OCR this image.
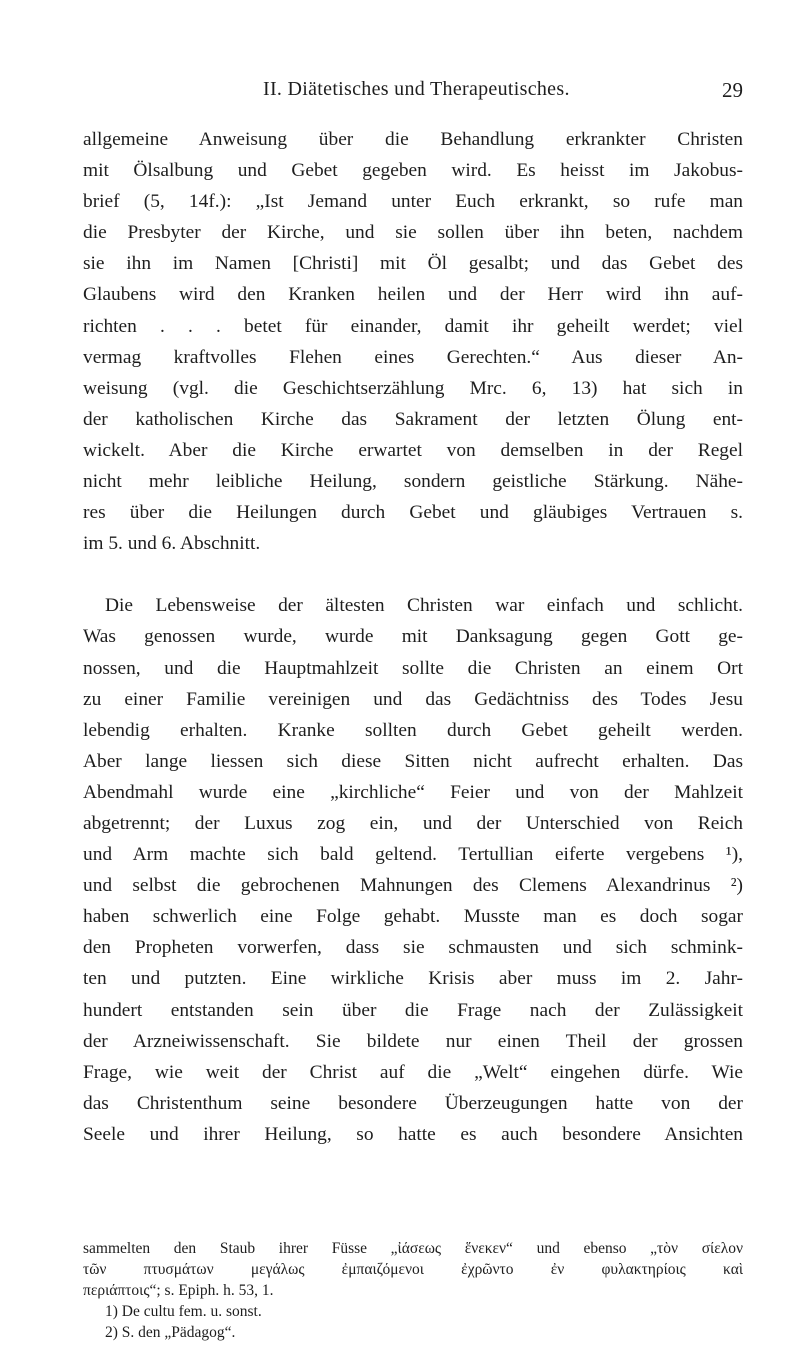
II. Diätetisches und Therapeutisches.	29
allgemeine Anweisung über die Behandlung erkrankter Christen
mit Ölsalbung und Gebet gegeben wird. Es heisst im Jakobus-
brief (5, 14f.): „Ist Jemand unter Euch erkrankt, so rufe man
die Presbyter der Kirche, und sie sollen über ihn beten, nachdem
sie ihn im Namen [Christi] mit Öl gesalbt; und das Gebet des
Glaubens wird den Kranken heilen und der Herr wird ihn auf-
richten . . . betet für einander, damit ihr geheilt werdet; viel
vermag kraftvolles Flehen eines Gerechten.“ Aus dieser An-
weisung (vgl. die Geschichtserzählung Mrc. 6, 13) hat sich in
der katholischen Kirche das Sakrament der letzten Ölung ent-
wickelt. Aber die Kirche erwartet von demselben in der Regel
nicht mehr leibliche Heilung, sondern geistliche Stärkung. Nähe-
res über die Heilungen durch Gebet und gläubiges Vertrauen s.
im 5. und 6. Abschnitt.
Die Lebensweise der ältesten Christen war einfach und schlicht.
Was genossen wurde, wurde mit Danksagung gegen Gott ge-
nossen, und die Hauptmahlzeit sollte die Christen an einem Ort
zu einer Familie vereinigen und das Gedächtniss des Todes Jesu
lebendig erhalten. Kranke sollten durch Gebet geheilt werden.
Aber lange liessen sich diese Sitten nicht aufrecht erhalten. Das
Abendmahl wurde eine „kirchliche“ Feier und von der Mahlzeit
abgetrennt; der Luxus zog ein, und der Unterschied von Reich
und Arm machte sich bald geltend. Tertullian eiferte vergebens ¹),
und selbst die gebrochenen Mahnungen des Clemens Alexandrinus ²)
haben schwerlich eine Folge gehabt. Musste man es doch sogar
den Propheten vorwerfen, dass sie schmausten und sich schmink-
ten und putzten. Eine wirkliche Krisis aber muss im 2. Jahr-
hundert entstanden sein über die Frage nach der Zulässigkeit
der Arzneiwissenschaft. Sie bildete nur einen Theil der grossen
Frage, wie weit der Christ auf die „Welt“ eingehen dürfe. Wie
das Christenthum seine besondere Überzeugungen hatte von der
Seele und ihrer Heilung, so hatte es auch besondere Ansichten
sammelten den Staub ihrer Füsse „ἰάσεως ἕνεκεν“ und ebenso „τὸν σίελον
τῶν πτυσμάτων μεγάλως ἐμπαιζόμενοι ἐχρῶντο ἐν φυλακτηρίοις καὶ
περιάπτοις“; s. Epiph. h. 53, 1.
1) De cultu fem. u. sonst.
2) S. den „Pädagog“.
